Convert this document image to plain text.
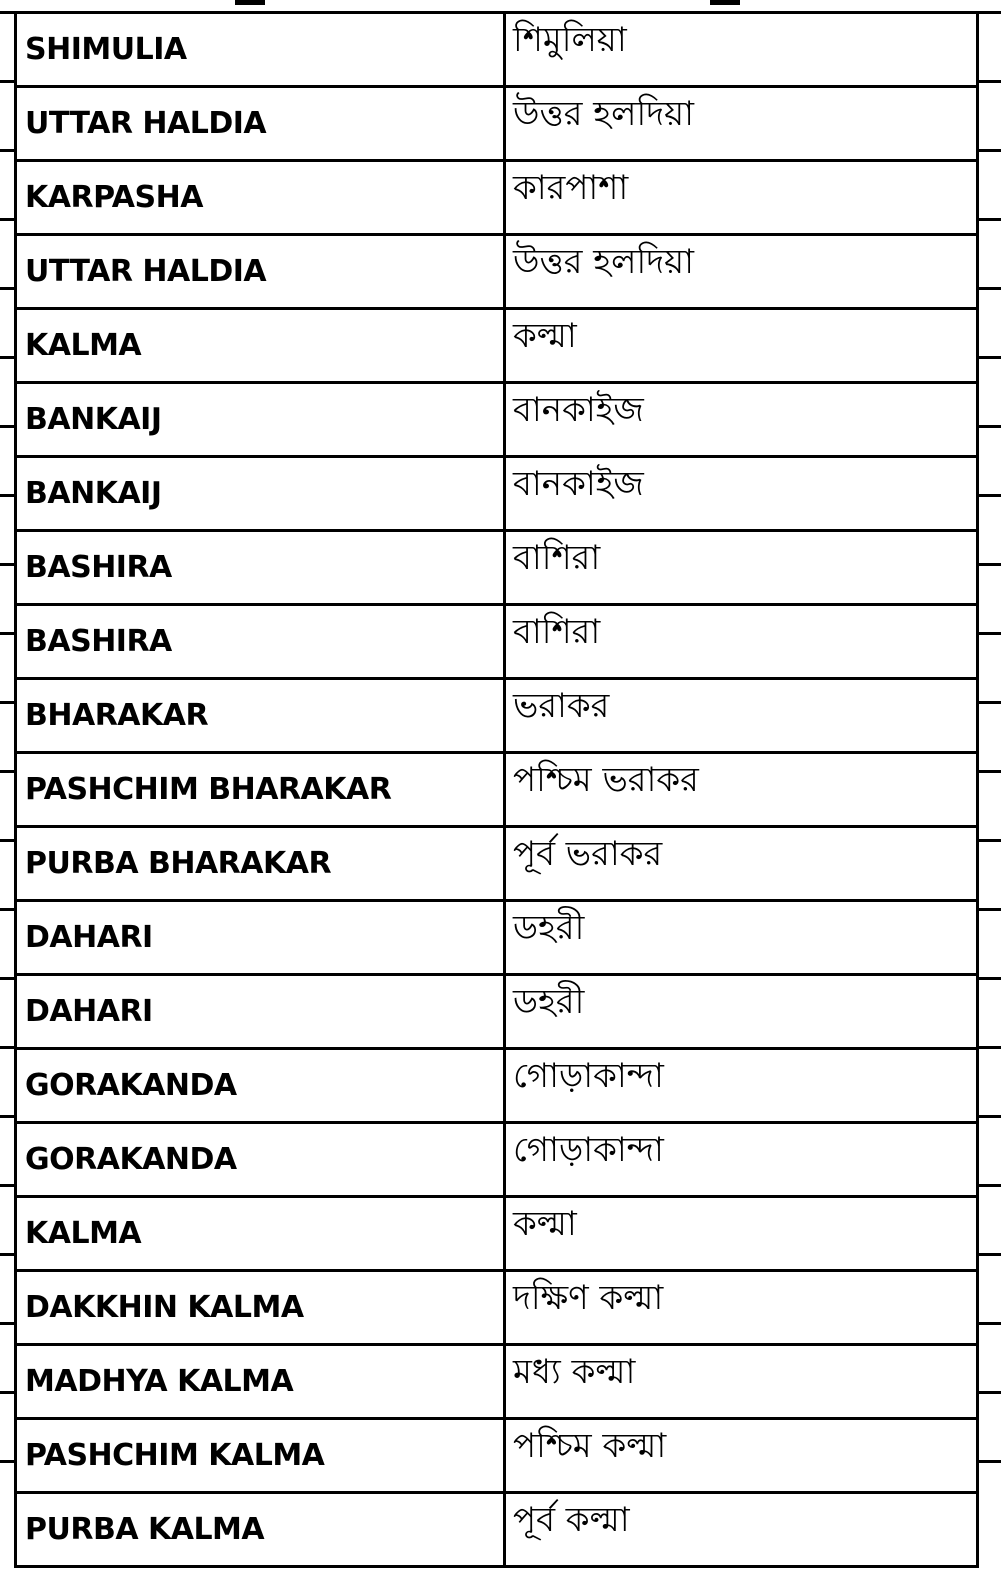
SHIMULIA	শিমুলিয়া
UTTAR HALDIA	উত্তর হলদিয়া
KARPASHA	কারপাশা
UTTAR HALDIA	উত্তর হলদিয়া
KALMA	কল্মা
BANKAIJ	বানকাইজ
BANKAIJ	বানকাইজ
BASHIRA	বাশিরা
BASHIRA	বাশিরা
BHARAKAR	ভরাকর
PASHCHIM BHARAKAR	পশ্চিম ভরাকর
PURBA BHARAKAR	পূর্ব ভরাকর
DAHARI	ডহরী
DAHARI	ডহরী
GORAKANDA	গোড়াকান্দা
GORAKANDA	গোড়াকান্দা
KALMA	কল্মা
DAKKHIN KALMA	দক্ষিণ কল্মা
MADHYA KALMA	মধ্য কল্মা
PASHCHIM KALMA	পশ্চিম কল্মা
PURBA KALMA	পূর্ব কল্মা
